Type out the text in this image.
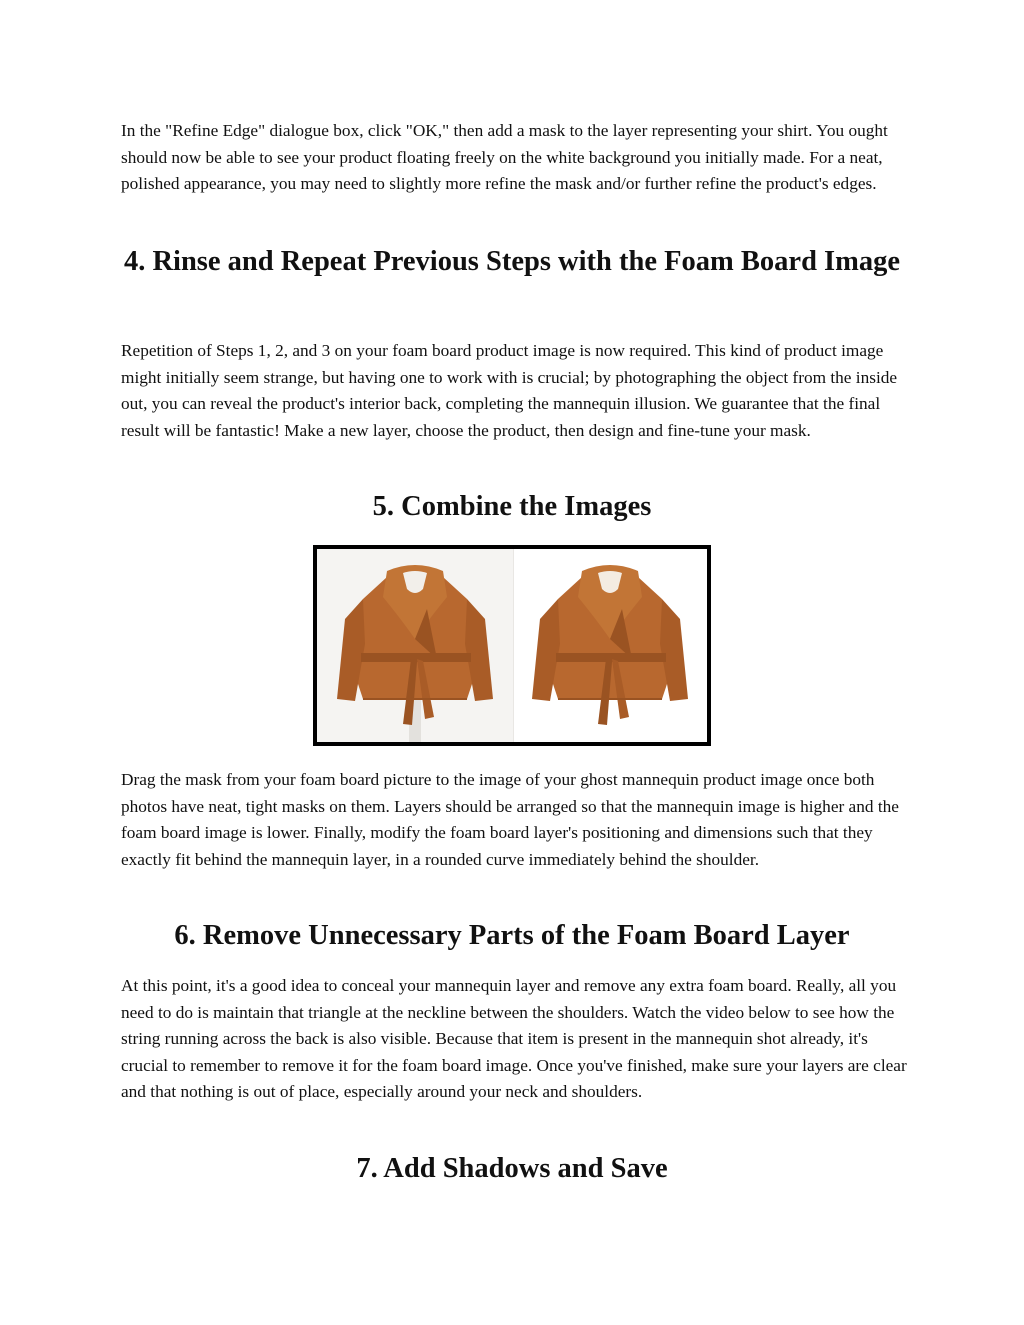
In the "Refine Edge" dialogue box, click "OK," then add a mask to the layer representing your shirt. You ought should now be able to see your product floating freely on the white background you initially made. For a neat, polished appearance, you may need to slightly more refine the mask and/or further refine the product's edges.

4. Rinse and Repeat Previous Steps with the Foam Board Image

Repetition of Steps 1, 2, and 3 on your foam board product image is now required. This kind of product image might initially seem strange, but having one to work with is crucial; by photographing the object from the inside out, you can reveal the product's interior back, completing the mannequin illusion. We guarantee that the final result will be fantastic! Make a new layer, choose the product, then design and fine-tune your mask.

5. Combine the Images

Drag the mask from your foam board picture to the image of your ghost mannequin product image once both photos have neat, tight masks on them. Layers should be arranged so that the mannequin image is higher and the foam board image is lower. Finally, modify the foam board layer's positioning and dimensions such that they exactly fit behind the mannequin layer, in a rounded curve immediately behind the shoulder.

6. Remove Unnecessary Parts of the Foam Board Layer

At this point, it's a good idea to conceal your mannequin layer and remove any extra foam board. Really, all you need to do is maintain that triangle at the neckline between the shoulders. Watch the video below to see how the string running across the back is also visible. Because that item is present in the mannequin shot already, it's crucial to remember to remove it for the foam board image. Once you've finished, make sure your layers are clear and that nothing is out of place, especially around your neck and shoulders.

7. Add Shadows and Save
